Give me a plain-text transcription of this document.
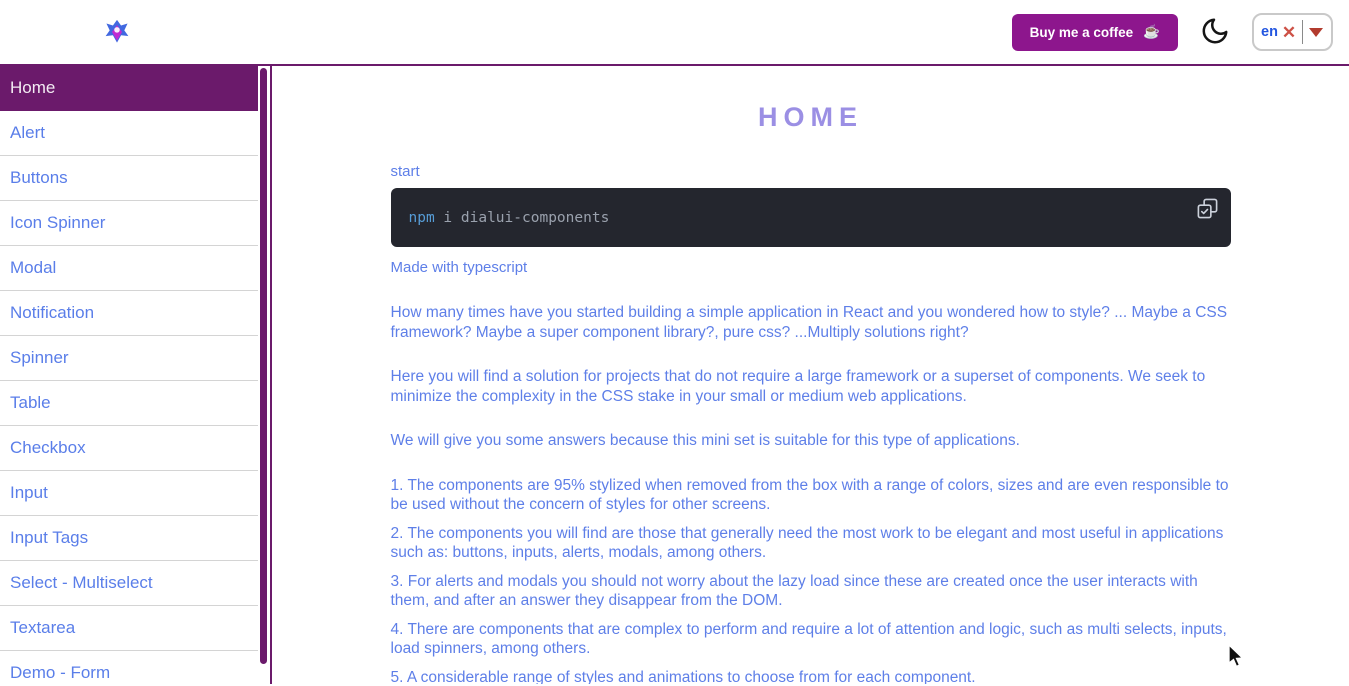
Buy me a coffee ☕	en ✕
Home
Alert
Buttons
Icon Spinner
Modal
Notification
Spinner
Table
Checkbox
Input
Input Tags
Select - Multiselect
Textarea
Demo - Form
HOME
start
npm i dialui-components
Made with typescript

How many times have you started building a simple application in React and you wondered how to style? ... Maybe a CSS framework? Maybe a super component library?, pure css? ...Multiply solutions right?

Here you will find a solution for projects that do not require a large framework or a superset of components. We seek to minimize the complexity in the CSS stake in your small or medium web applications.

We will give you some answers because this mini set is suitable for this type of applications.

1. The components are 95% stylized when removed from the box with a range of colors, sizes and are even responsible to be used without the concern of styles for other screens.

2. The components you will find are those that generally need the most work to be elegant and most useful in applications such as: buttons, inputs, alerts, modals, among others.

3. For alerts and modals you should not worry about the lazy load since these are created once the user interacts with them, and after an answer they disappear from the DOM.

4. There are components that are complex to perform and require a lot of attention and logic, such as multi selects, inputs, load spinners, among others.

5. A considerable range of styles and animations to choose from for each component.
